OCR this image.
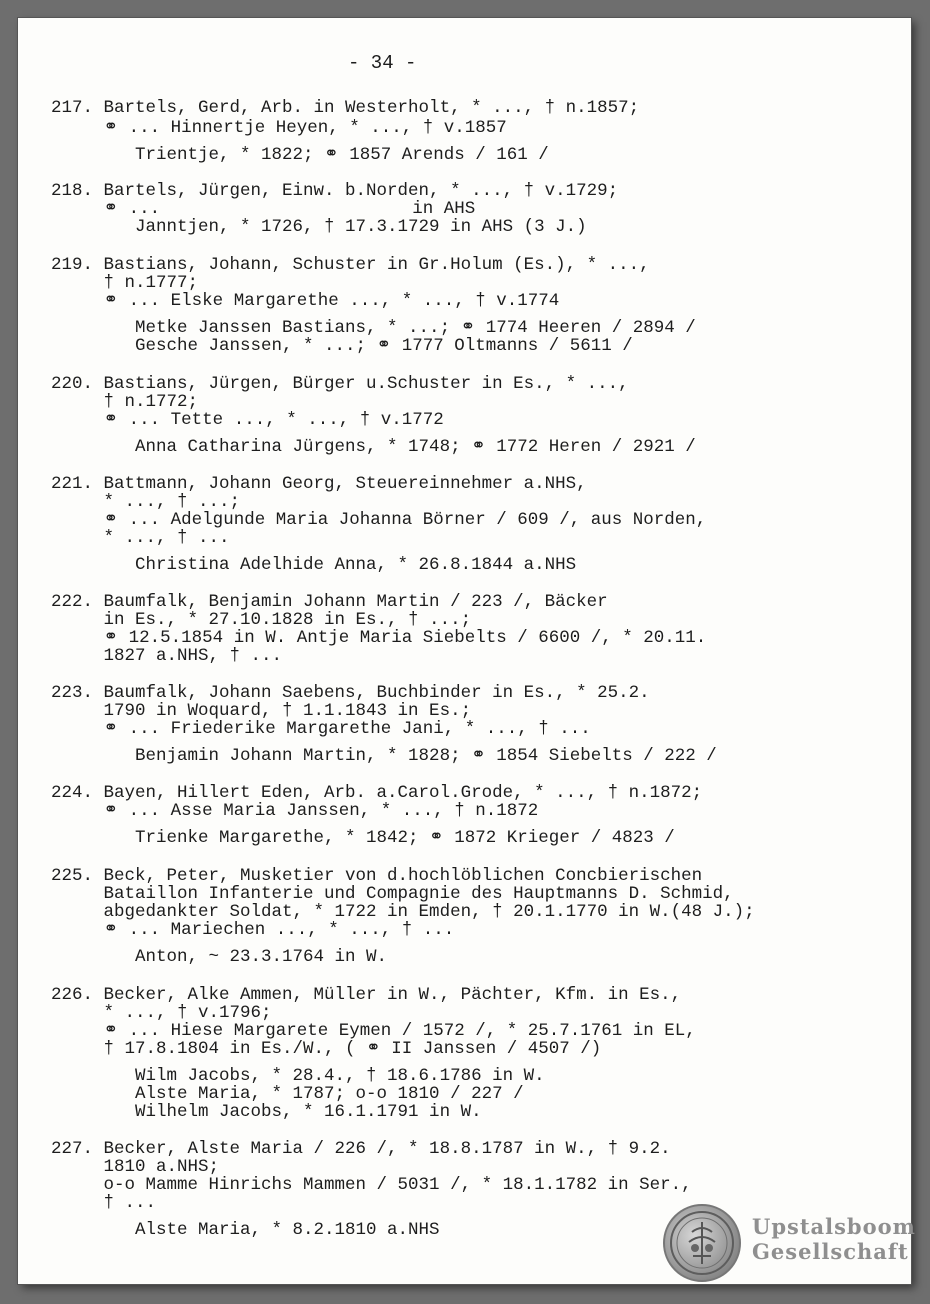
- 34 -
217. Bartels, Gerd, Arb. in Westerholt, * ..., † n.1857;
⚭ ... Hinnertje Heyen, * ..., † v.1857
Trientje, * 1822; ⚭ 1857 Arends / 161 /
218. Bartels, Jürgen, Einw. b.Norden, * ..., † v.1729;
⚭ ...                        in AHS
Janntjen, * 1726, † 17.3.1729 in AHS (3 J.)
219. Bastians, Johann, Schuster in Gr.Holum (Es.), * ...,
† n.1777;
⚭ ... Elske Margarethe ..., * ..., † v.1774
Metke Janssen Bastians, * ...; ⚭ 1774 Heeren / 2894 /
Gesche Janssen, * ...; ⚭ 1777 Oltmanns / 5611 /
220. Bastians, Jürgen, Bürger u.Schuster in Es., * ...,
† n.1772;
⚭ ... Tette ..., * ..., † v.1772
Anna Catharina Jürgens, * 1748; ⚭ 1772 Heren / 2921 /
221. Battmann, Johann Georg, Steuereinnehmer a.NHS,
* ..., † ...;
⚭ ... Adelgunde Maria Johanna Börner / 609 /, aus Norden,
* ..., † ...
Christina Adelhide Anna, * 26.8.1844 a.NHS
222. Baumfalk, Benjamin Johann Martin / 223 /, Bäcker
in Es., * 27.10.1828 in Es., † ...;
⚭ 12.5.1854 in W. Antje Maria Siebelts / 6600 /, * 20.11.
1827 a.NHS, † ...
223. Baumfalk, Johann Saebens, Buchbinder in Es., * 25.2.
1790 in Woquard, † 1.1.1843 in Es.;
⚭ ... Friederike Margarethe Jani, * ..., † ...
Benjamin Johann Martin, * 1828; ⚭ 1854 Siebelts / 222 /
224. Bayen, Hillert Eden, Arb. a.Carol.Grode, * ..., † n.1872;
⚭ ... Asse Maria Janssen, * ..., † n.1872
Trienke Margarethe, * 1842; ⚭ 1872 Krieger / 4823 /
225. Beck, Peter, Musketier von d.hochlöblichen Concbierischen
Bataillon Infanterie und Compagnie des Hauptmanns D. Schmid,
abgedankter Soldat, * 1722 in Emden, † 20.1.1770 in W.(48 J.);
⚭ ... Mariechen ..., * ..., † ...
Anton, ~ 23.3.1764 in W.
226. Becker, Alke Ammen, Müller in W., Pächter, Kfm. in Es.,
* ..., † v.1796;
⚭ ... Hiese Margarete Eymen / 1572 /, * 25.7.1761 in EL,
† 17.8.1804 in Es./W., ( ⚭ II Janssen / 4507 /)
Wilm Jacobs, * 28.4., † 18.6.1786 in W.
Alste Maria, * 1787; o-o 1810 / 227 /
Wilhelm Jacobs, * 16.1.1791 in W.
227. Becker, Alste Maria / 226 /, * 18.8.1787 in W., † 9.2.
1810 a.NHS;
o-o Mamme Hinrichs Mammen / 5031 /, * 18.1.1782 in Ser.,
† ...
Alste Maria, * 8.2.1810 a.NHS	Upstalsboom
Gesellschaft
